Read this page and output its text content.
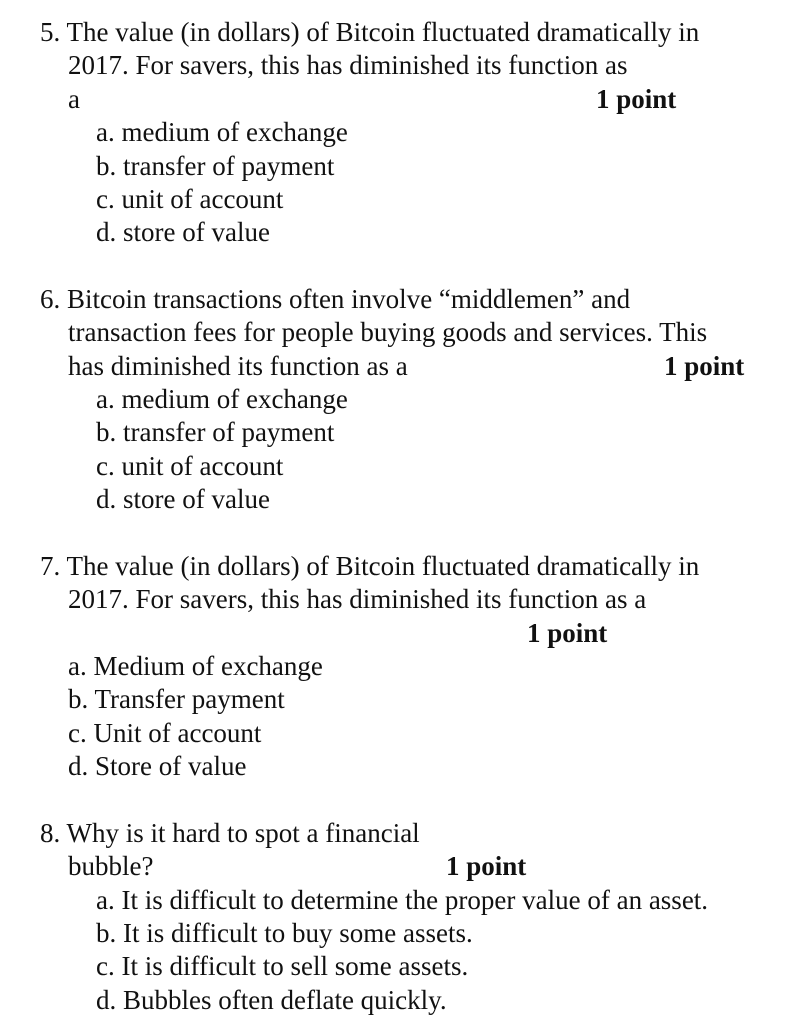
5. The value (in dollars) of Bitcoin fluctuated dramatically in
2017. For savers, this has diminished its function as
a	1 point
a. medium of exchange
b. transfer of payment
c. unit of account
d. store of value
6. Bitcoin transactions often involve “middlemen” and
transaction fees for people buying goods and services. This
has diminished its function as a	1 point
a. medium of exchange
b. transfer of payment
c. unit of account
d. store of value
7. The value (in dollars) of Bitcoin fluctuated dramatically in
2017. For savers, this has diminished its function as a
1 point
a. Medium of exchange
b. Transfer payment
c. Unit of account
d. Store of value
8. Why is it hard to spot a financial
bubble?	1 point
a. It is difficult to determine the proper value of an asset.
b. It is difficult to buy some assets.
c. It is difficult to sell some assets.
d. Bubbles often deflate quickly.
